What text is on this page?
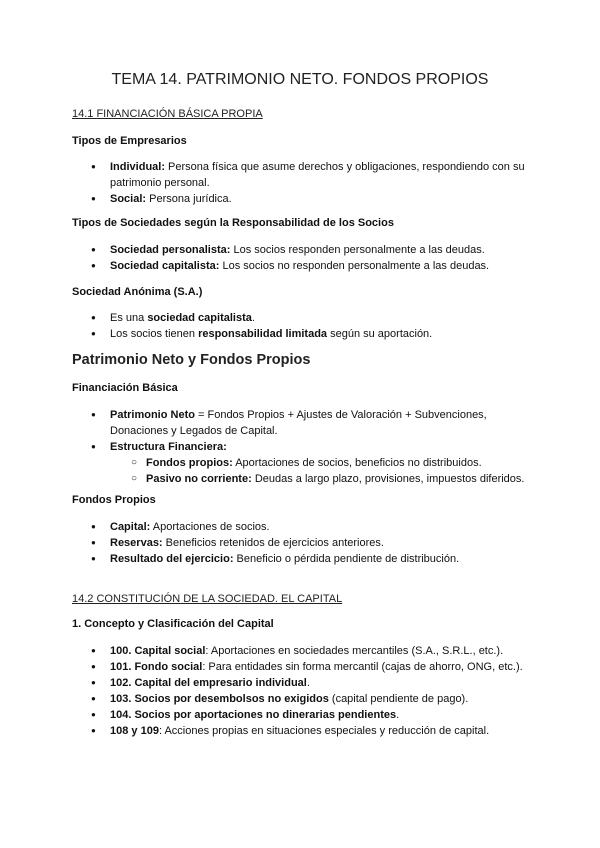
TEMA 14. PATRIMONIO NETO. FONDOS PROPIOS
14.1 FINANCIACIÓN BÁSICA PROPIA
Tipos de Empresarios
● Individual: Persona física que asume derechos y obligaciones, respondiendo con su
patrimonio personal.
● Social: Persona jurídica.
Tipos de Sociedades según la Responsabilidad de los Socios
● Sociedad personalista: Los socios responden personalmente a las deudas.
● Sociedad capitalista: Los socios no responden personalmente a las deudas.
Sociedad Anónima (S.A.)
● Es una sociedad capitalista.
● Los socios tienen responsabilidad limitada según su aportación.
Patrimonio Neto y Fondos Propios
Financiación Básica
● Patrimonio Neto = Fondos Propios + Ajustes de Valoración + Subvenciones,
Donaciones y Legados de Capital.
● Estructura Financiera:
○ Fondos propios: Aportaciones de socios, beneficios no distribuidos.
○ Pasivo no corriente: Deudas a largo plazo, provisiones, impuestos diferidos.
Fondos Propios
● Capital: Aportaciones de socios.
● Reservas: Beneficios retenidos de ejercicios anteriores.
● Resultado del ejercicio: Beneficio o pérdida pendiente de distribución.
14.2 CONSTITUCIÓN DE LA SOCIEDAD. EL CAPITAL
1. Concepto y Clasificación del Capital
● 100. Capital social: Aportaciones en sociedades mercantiles (S.A., S.R.L., etc.).
● 101. Fondo social: Para entidades sin forma mercantil (cajas de ahorro, ONG, etc.).
● 102. Capital del empresario individual.
● 103. Socios por desembolsos no exigidos (capital pendiente de pago).
● 104. Socios por aportaciones no dinerarias pendientes.
● 108 y 109: Acciones propias en situaciones especiales y reducción de capital.
